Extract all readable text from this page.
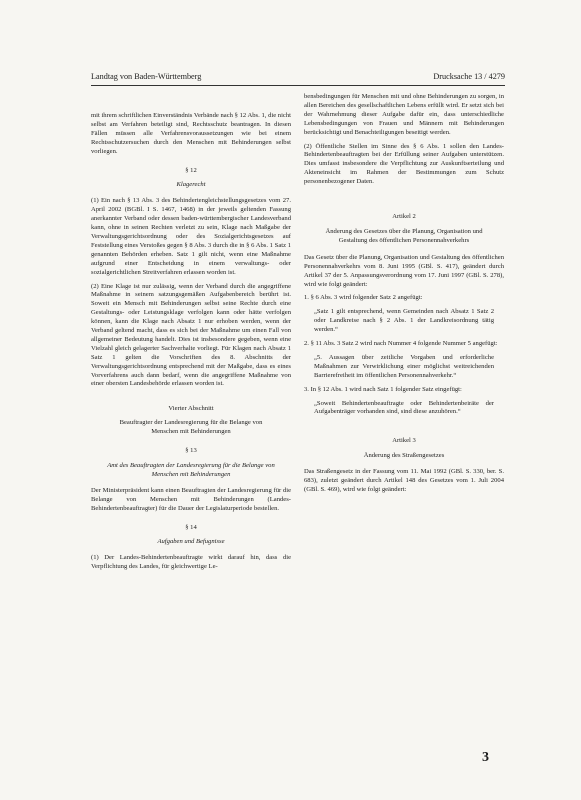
Landtag von Baden-Württemberg	Drucksache 13 / 4279

mit ihrem schriftlichen Einverständnis Verbände nach § 12 Abs. 1, die nicht selbst am Verfahren beteiligt sind, Rechtsschutz beantragen. In diesen Fällen müssen alle Verfahrensvoraussetzungen wie bei einem Rechtsschutzersuchen durch den Menschen mit Behinderungen selbst vorliegen.

§ 12
Klagerecht

(1) Ein nach § 13 Abs. 3 des Behindertengleichstellungsgesetzes vom 27. April 2002 (BGBl. I S. 1467, 1468) in der jeweils geltenden Fassung anerkannter Verband oder dessen baden-württembergischer Landesverband kann, ohne in seinen Rechten verletzt zu sein, Klage nach Maßgabe der Verwaltungsgerichtsordnung oder des Sozialgerichtsgesetzes auf Feststellung eines Verstoßes gegen § 8 Abs. 3 durch die in § 6 Abs. 1 Satz 1 genannten Behörden erheben. Satz 1 gilt nicht, wenn eine Maßnahme aufgrund einer Entscheidung in einem verwaltungs- oder sozialgerichtlichen Streitverfahren erlassen worden ist.

(2) Eine Klage ist nur zulässig, wenn der Verband durch die angegriffene Maßnahme in seinem satzungsgemäßen Aufgabenbereich berührt ist. Soweit ein Mensch mit Behinderungen selbst seine Rechte durch eine Gestaltungs- oder Leistungsklage verfolgen kann oder hätte verfolgen können, kann die Klage nach Absatz 1 nur erhoben werden, wenn der Verband geltend macht, dass es sich bei der Maßnahme um einen Fall von allgemeiner Bedeutung handelt. Dies ist insbesondere gegeben, wenn eine Vielzahl gleich gelagerter Sachverhalte vorliegt. Für Klagen nach Absatz 1 Satz 1 gelten die Vorschriften des 8. Abschnitts der Verwaltungsgerichtsordnung entsprechend mit der Maßgabe, dass es eines Vorverfahrens auch dann bedarf, wenn die angegriffene Maßnahme von einer obersten Landesbehörde erlassen worden ist.

Vierter Abschnitt
Beauftragter der Landesregierung für die Belange von Menschen mit Behinderungen
§ 13
Amt des Beauftragten der Landesregierung für die Belange von Menschen mit Behinderungen

Der Ministerpräsident kann einen Beauftragten der Landesregierung für die Belange von Menschen mit Behinderungen (Landes-Behindertenbeauftragter) für die Dauer der Legislaturperiode bestellen.

§ 14
Aufgaben und Befugnisse

(1) Der Landes-Behindertenbeauftragte wirkt darauf hin, dass die Verpflichtung des Landes, für gleichwertige Le-

bensbedingungen für Menschen mit und ohne Behinderungen zu sorgen, in allen Bereichen des gesellschaftlichen Lebens erfüllt wird. Er setzt sich bei der Wahrnehmung dieser Aufgabe dafür ein, dass unterschiedliche Lebensbedingungen von Frauen und Männern mit Behinderungen berücksichtigt und Benachteiligungen beseitigt werden.

(2) Öffentliche Stellen im Sinne des § 6 Abs. 1 sollen den Landes-Behindertenbeauftragten bei der Erfüllung seiner Aufgaben unterstützen. Dies umfasst insbesondere die Verpflichtung zur Auskunftserteilung und Akteneinsicht im Rahmen der Bestimmungen zum Schutz personenbezogener Daten.

Artikel 2
Änderung des Gesetzes über die Planung, Organisation und Gestaltung des öffentlichen Personennahverkehrs

Das Gesetz über die Planung, Organisation und Gestaltung des öffentlichen Personennahverkehrs vom 8. Juni 1995 (GBl. S. 417), geändert durch Artikel 37 der 5. Anpassungsverordnung vom 17. Juni 1997 (GBl. S. 278), wird wie folgt geändert:

1. § 6 Abs. 3 wird folgender Satz 2 angefügt:
„Satz 1 gilt entsprechend, wenn Gemeinden nach Absatz 1 Satz 2 oder Landkreise nach § 2 Abs. 1 der Landkreisordnung tätig werden.“
2. § 11 Abs. 3 Satz 2 wird nach Nummer 4 folgende Nummer 5 angefügt:
„5. Aussagen über zeitliche Vorgaben und erforderliche Maßnahmen zur Verwirklichung einer möglichst weitreichenden Barrierefreiheit im öffentlichen Personennahverkehr.“
3. In § 12 Abs. 1 wird nach Satz 1 folgender Satz eingefügt:
„Soweit Behindertenbeauftragte oder Behindertenbeiräte der Aufgabenträger vorhanden sind, sind diese anzuhören.“
Artikel 3
Änderung des Straßengesetzes

Das Straßengesetz in der Fassung vom 11. Mai 1992 (GBl. S. 330, ber. S. 683), zuletzt geändert durch Artikel 148 des Gesetzes vom 1. Juli 2004 (GBl. S. 469), wird wie folgt geändert:

3
